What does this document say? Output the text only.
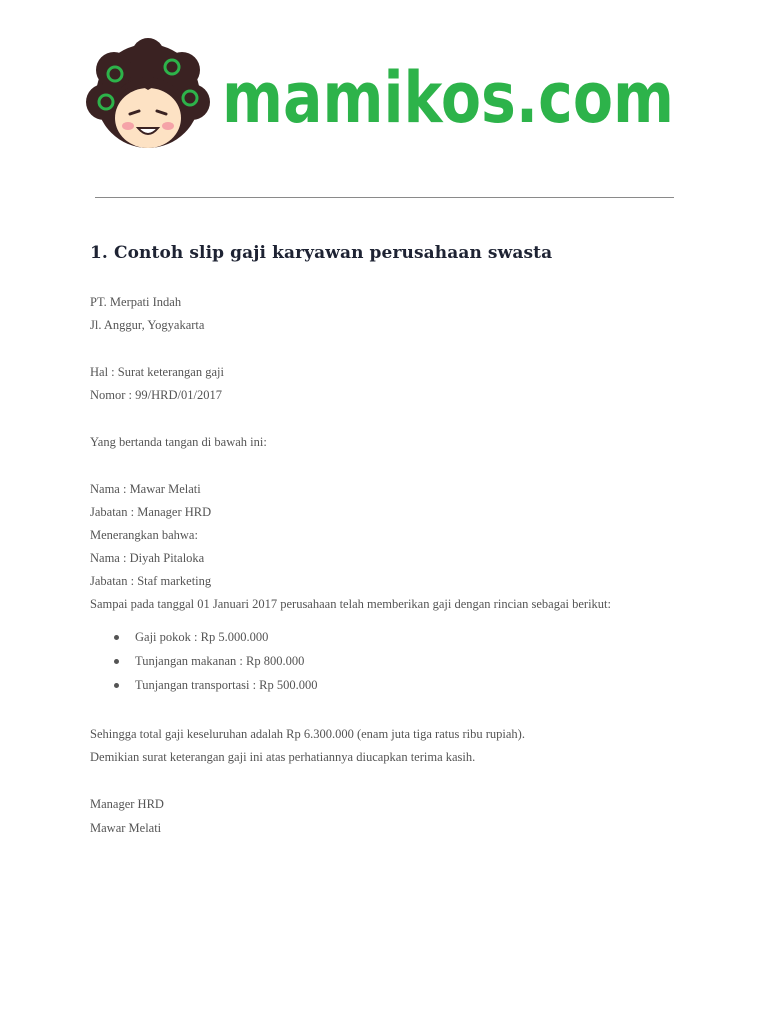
mamikos.com
1. Contoh slip gaji karyawan perusahaan swasta

PT. Merpati Indah

Jl. Anggur, Yogyakarta

Hal : Surat keterangan gaji

Nomor : 99/HRD/01/2017

Yang bertanda tangan di bawah ini:

Nama : Mawar Melati

Jabatan : Manager HRD

Menerangkan bahwa:

Nama : Diyah Pitaloka

Jabatan : Staf marketing

Sampai pada tanggal 01 Januari 2017 perusahaan telah memberikan gaji dengan rincian sebagai berikut:

Gaji pokok : Rp 5.000.000

Tunjangan makanan : Rp 800.000

Tunjangan transportasi : Rp 500.000

Sehingga total gaji keseluruhan adalah Rp 6.300.000 (enam juta tiga ratus ribu rupiah).

Demikian surat keterangan gaji ini atas perhatiannya diucapkan terima kasih.

Manager HRD

Mawar Melati
